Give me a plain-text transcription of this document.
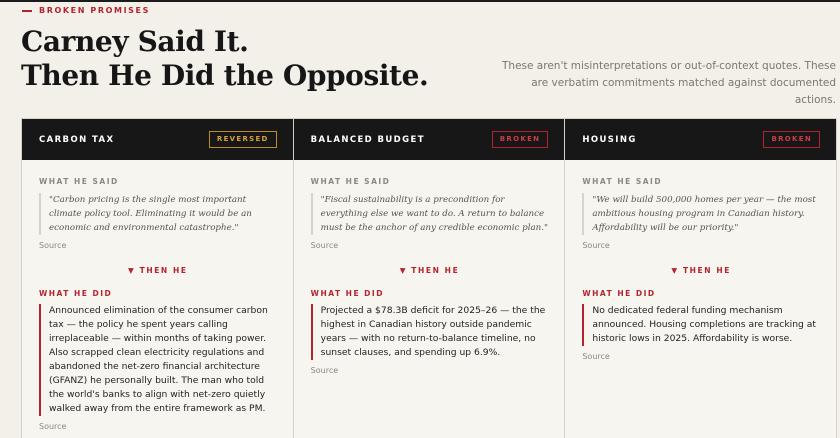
BROKEN PROMISES
Carney Said It.
Then He Did the Opposite.	These aren't misinterpretations or out-of-context quotes. These are verbatim commitments matched against documented actions.

CARBON TAX	REVERSED
WHAT HE SAID
"Carbon pricing is the single most important climate policy tool. Eliminating it would be an economic and environmental catastrophe."
Source
▼ THEN HE
WHAT HE DID
Announced elimination of the consumer carbon tax — the policy he spent years calling irreplaceable — within months of taking power. Also scrapped clean electricity regulations and abandoned the net-zero financial architecture (GFANZ) he personally built. The man who told the world's banks to align with net-zero quietly walked away from the entire framework as PM.
Source
BALANCED BUDGET	BROKEN
WHAT HE SAID
"Fiscal sustainability is a precondition for everything else we want to do. A return to balance must be the anchor of any credible economic plan."
Source
▼ THEN HE
WHAT HE DID
Projected a $78.3B deficit for 2025–26 — the the highest in Canadian history outside pandemic years — with no return-to-balance timeline, no sunset clauses, and spending up 6.9%.
Source
HOUSING	BROKEN
WHAT HE SAID
"We will build 500,000 homes per year — the most ambitious housing program in Canadian history. Affordability will be our priority."
Source
▼ THEN HE
WHAT HE DID
No dedicated federal funding mechanism announced. Housing completions are tracking at historic lows in 2025. Affordability is worse.
Source
